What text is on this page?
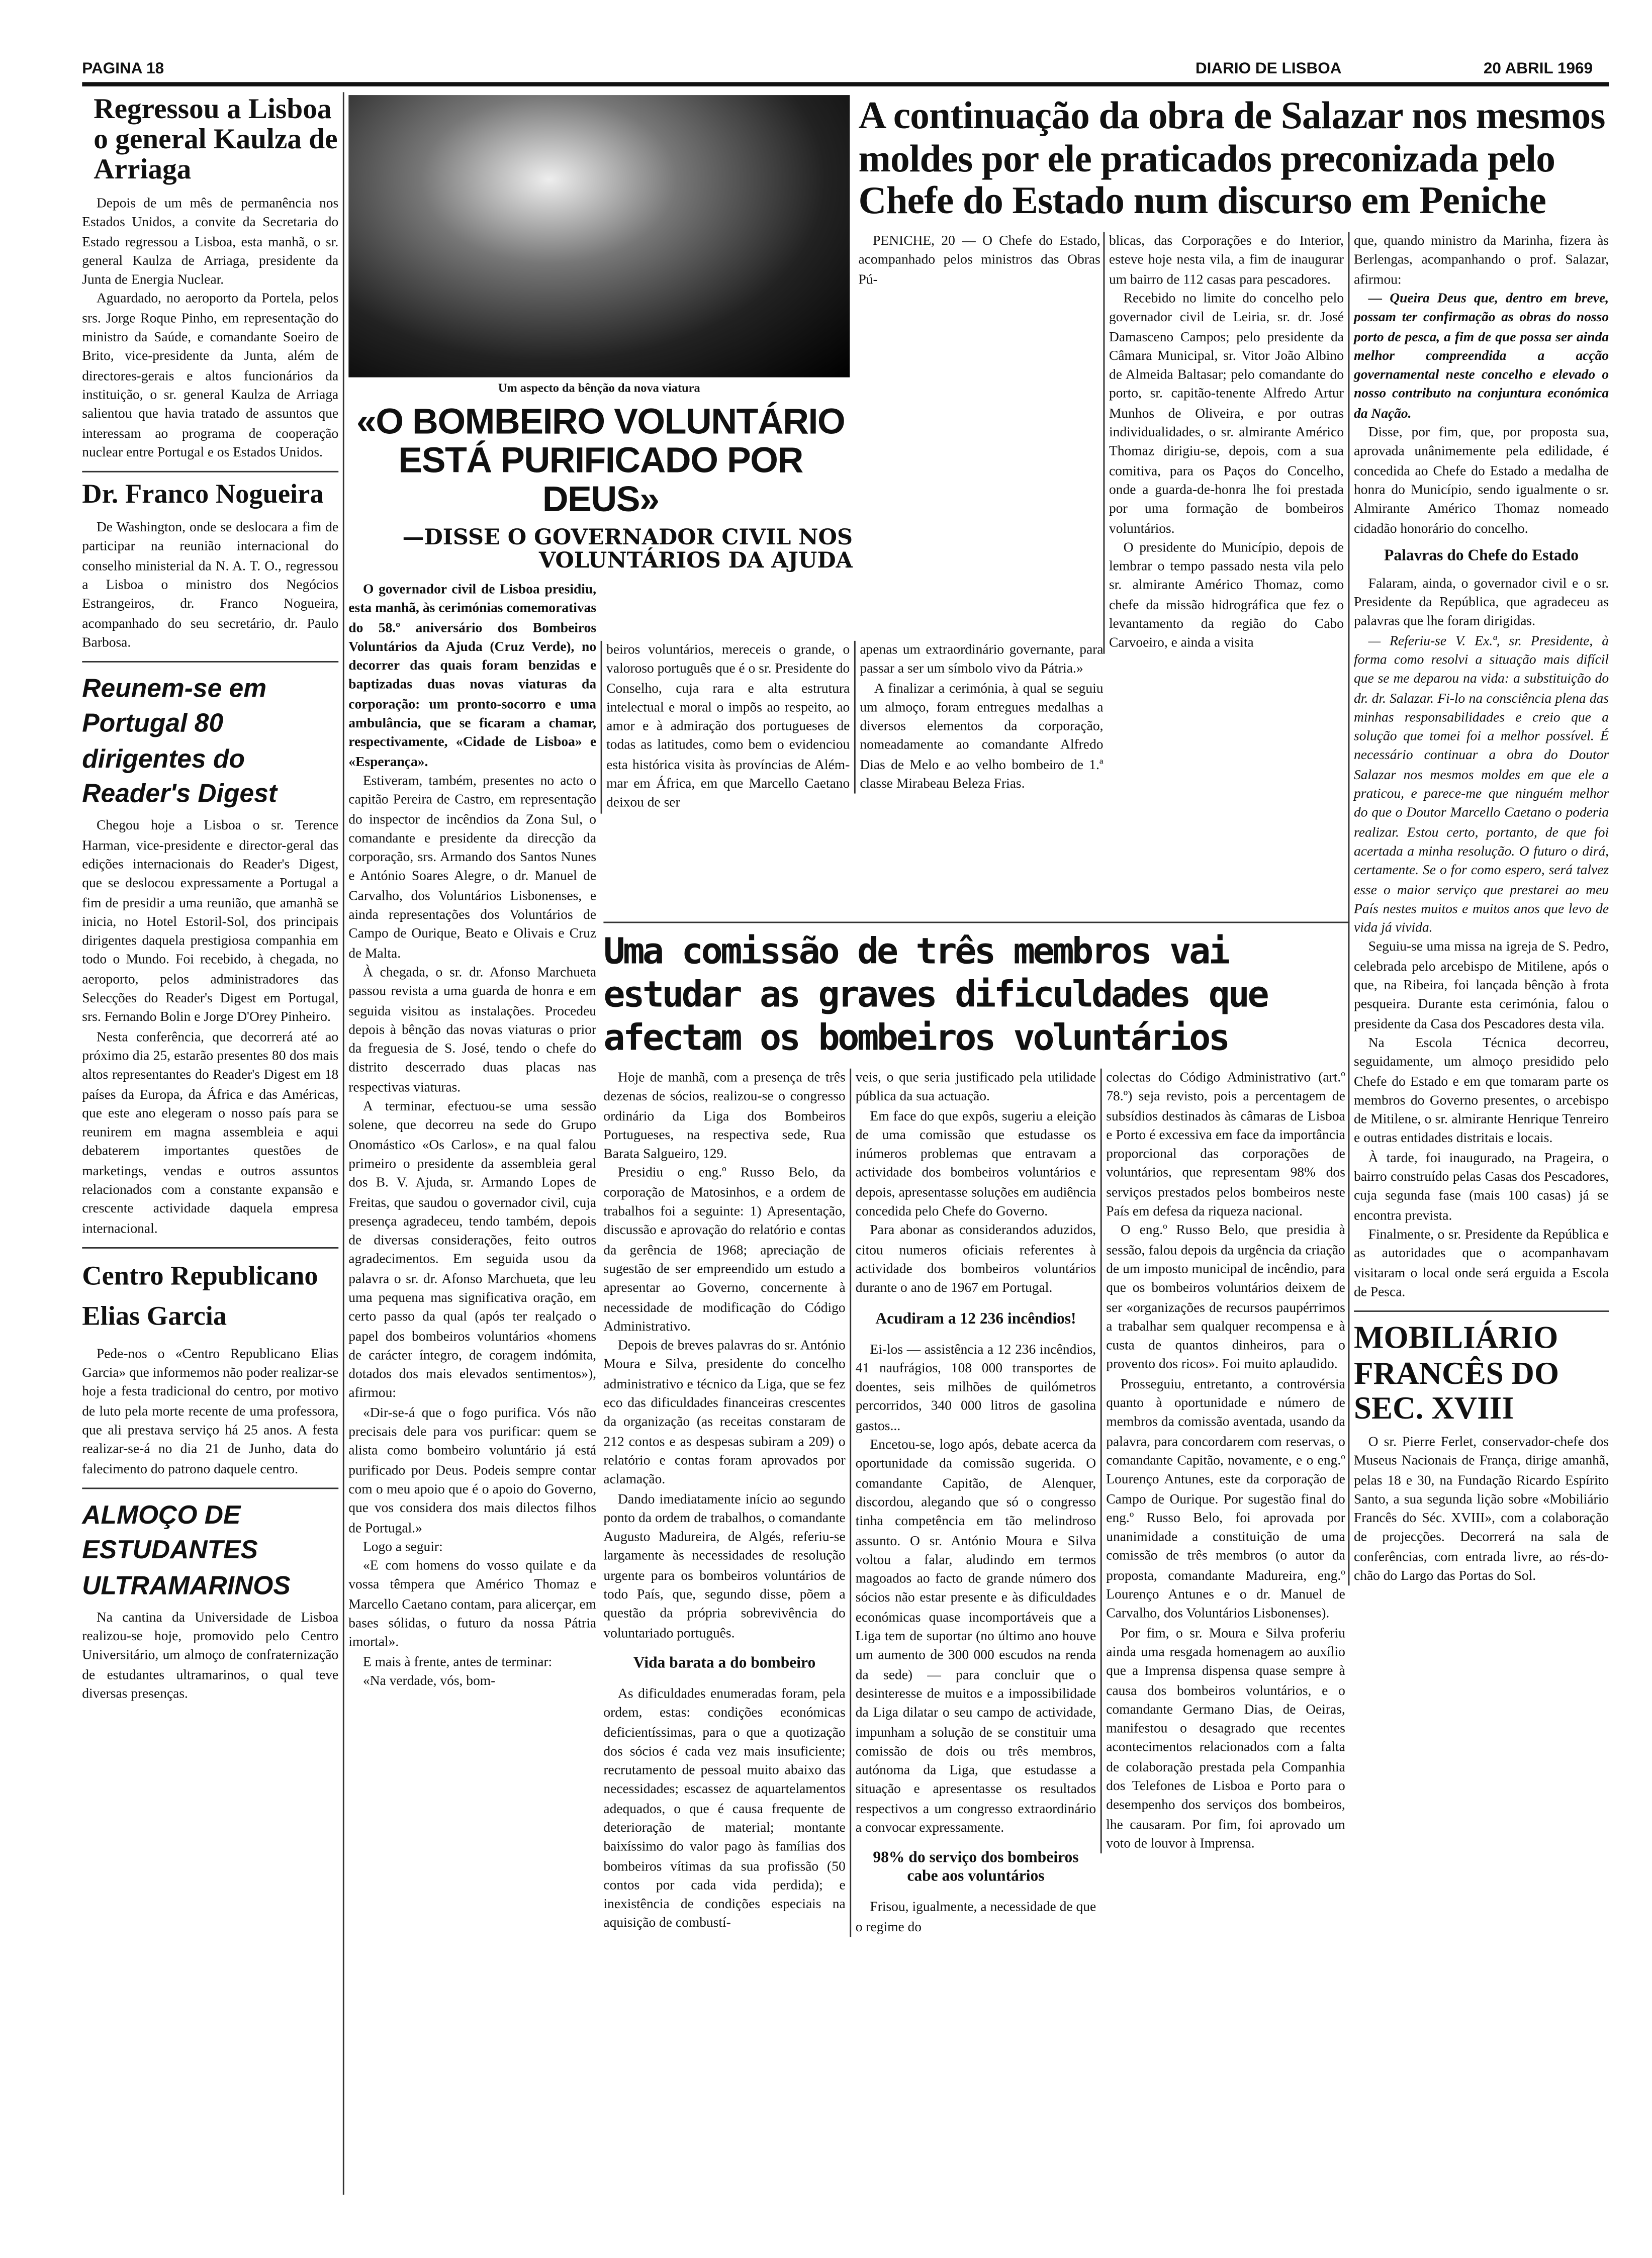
PAGINA 18	DIARIO DE LISBOA	20 ABRIL 1969
Regressou a Lisboa o general Kaulza de Arriaga

Depois de um mês de permanência nos Estados Unidos, a convite da Secretaria do Estado regressou a Lisboa, esta manhã, o sr. general Kaulza de Arriaga, presidente da Junta de Energia Nuclear.

Aguardado, no aeroporto da Portela, pelos srs. Jorge Roque Pinho, em representação do ministro da Saúde, e comandante Soeiro de Brito, vice-presidente da Junta, além de directores-gerais e altos funcionários da instituição, o sr. general Kaulza de Arriaga salientou que havia tratado de assuntos que interessam ao programa de cooperação nuclear entre Portugal e os Estados Unidos.

Dr. Franco Nogueira

De Washington, onde se deslocara a fim de participar na reunião internacional do conselho ministerial da N. A. T. O., regressou a Lisboa o ministro dos Negócios Estrangeiros, dr. Franco Nogueira, acompanhado do seu secretário, dr. Paulo Barbosa.

Reunem-se em Portugal 80 dirigentes do Reader's Digest

Chegou hoje a Lisboa o sr. Terence Harman, vice-presidente e director-geral das edições internacionais do Reader's Digest, que se deslocou expressamente a Portugal a fim de presidir a uma reunião, que amanhã se inicia, no Hotel Estoril-Sol, dos principais dirigentes daquela prestigiosa companhia em todo o Mundo. Foi recebido, à chegada, no aeroporto, pelos administradores das Selecções do Reader's Digest em Portugal, srs. Fernando Bolin e Jorge D'Orey Pinheiro.

Nesta conferência, que decorrerá até ao próximo dia 25, estarão presentes 80 dos mais altos representantes do Reader's Digest em 18 países da Europa, da África e das Américas, que este ano elegeram o nosso país para se reunirem em magna assembleia e aqui debaterem importantes questões de marketings, vendas e outros assuntos relacionados com a constante expansão e crescente actividade daquela empresa internacional.

Centro Republicano Elias Garcia

Pede-nos o «Centro Republicano Elias Garcia» que informemos não poder realizar-se hoje a festa tradicional do centro, por motivo de luto pela morte recente de uma professora, que ali prestava serviço há 25 anos. A festa realizar-se-á no dia 21 de Junho, data do falecimento do patrono daquele centro.

ALMOÇO DE ESTUDANTES ULTRAMARINOS

Na cantina da Universidade de Lisboa realizou-se hoje, promovido pelo Centro Universitário, um almoço de confraternização de estudantes ultramarinos, o qual teve diversas presenças.

Um aspecto da bênção da nova viatura
A continuação da obra de Salazar nos mesmos moldes por ele praticados preconizada pelo Chefe do Estado num discurso em Peniche

PENICHE, 20 — O Chefe do Estado, acompanhado pelos ministros das Obras Pú-

blicas, das Corporações e do Interior, esteve hoje nesta vila, a fim de inaugurar um bairro de 112 casas para pescadores.

Recebido no limite do concelho pelo governador civil de Leiria, sr. dr. José Damasceno Campos; pelo presidente da Câmara Municipal, sr. Vitor João Albino de Almeida Baltasar; pelo comandante do porto, sr. capitão-tenente Alfredo Artur Munhos de Oliveira, e por outras individualidades, o sr. almirante Américo Thomaz dirigiu-se, depois, com a sua comitiva, para os Paços do Concelho, onde a guarda-de-honra lhe foi prestada por uma formação de bombeiros voluntários.

O presidente do Município, depois de lembrar o tempo passado nesta vila pelo sr. almirante Américo Thomaz, como chefe da missão hidrográfica que fez o levantamento da região do Cabo Carvoeiro, e ainda a visita

que, quando ministro da Marinha, fizera às Berlengas, acompanhando o prof. Salazar, afirmou:

— Queira Deus que, dentro em breve, possam ter confirmação as obras do nosso porto de pesca, a fim de que possa ser ainda melhor compreendida a acção governamental neste concelho e elevado o nosso contributo na conjuntura económica da Nação.

Disse, por fim, que, por proposta sua, aprovada unânimemente pela edilidade, é concedida ao Chefe do Estado a medalha de honra do Município, sendo igualmente o sr. Almirante Américo Thomaz nomeado cidadão honorário do concelho.

Palavras do Chefe do Estado

Falaram, ainda, o governador civil e o sr. Presidente da República, que agradeceu as palavras que lhe foram dirigidas.

— Referiu-se V. Ex.ª, sr. Presidente, à forma como resolvi a situação mais difícil que se me deparou na vida: a substituição do dr. dr. Salazar. Fi-lo na consciência plena das minhas responsabilidades e creio que a solução que tomei foi a melhor possível. É necessário continuar a obra do Doutor Salazar nos mesmos moldes em que ele a praticou, e parece-me que ninguém melhor do que o Doutor Marcello Caetano o poderia realizar. Estou certo, portanto, de que foi acertada a minha resolução. O futuro o dirá, certamente. Se o for como espero, será talvez esse o maior serviço que prestarei ao meu País nestes muitos e muitos anos que levo de vida já vivida.

Seguiu-se uma missa na igreja de S. Pedro, celebrada pelo arcebispo de Mitilene, após o que, na Ribeira, foi lançada bênção à frota pesqueira. Durante esta cerimónia, falou o presidente da Casa dos Pescadores desta vila.

Na Escola Técnica decorreu, seguidamente, um almoço presidido pelo Chefe do Estado e em que tomaram parte os membros do Governo presentes, o arcebispo de Mitilene, o sr. almirante Henrique Tenreiro e outras entidades distritais e locais.

À tarde, foi inaugurado, na Prageira, o bairro construído pelas Casas dos Pescadores, cuja segunda fase (mais 100 casas) já se encontra prevista.

Finalmente, o sr. Presidente da República e as autoridades que o acompanhavam visitaram o local onde será erguida a Escola de Pesca.

MOBILIÁRIO FRANCÊS DO SEC. XVIII

O sr. Pierre Ferlet, conservador-chefe dos Museus Nacionais de França, dirige amanhã, pelas 18 e 30, na Fundação Ricardo Espírito Santo, a sua segunda lição sobre «Mobiliário Francês do Séc. XVIII», com a colaboração de projecções. Decorrerá na sala de conferências, com entrada livre, ao rés-do-chão do Largo das Portas do Sol.

«O BOMBEIRO VOLUNTÁRIO ESTÁ PURIFICADO POR DEUS»
—DISSE O GOVERNADOR CIVIL NOS VOLUNTÁRIOS DA AJUDA

O governador civil de Lisboa presidiu, esta manhã, às cerimónias comemorativas do 58.º aniversário dos Bombeiros Voluntários da Ajuda (Cruz Verde), no decorrer das quais foram benzidas e baptizadas duas novas viaturas da corporação: um pronto-socorro e uma ambulância, que se ficaram a chamar, respectivamente, «Cidade de Lisboa» e «Esperança».

Estiveram, também, presentes no acto o capitão Pereira de Castro, em representação do inspector de incêndios da Zona Sul, o comandante e presidente da direcção da corporação, srs. Armando dos Santos Nunes e António Soares Alegre, o dr. Manuel de Carvalho, dos Voluntários Lisbonenses, e ainda representações dos Voluntários de Campo de Ourique, Beato e Olivais e Cruz de Malta.

À chegada, o sr. dr. Afonso Marchueta passou revista a uma guarda de honra e em seguida visitou as instalações. Procedeu depois à bênção das novas viaturas o prior da freguesia de S. José, tendo o chefe do distrito descerrado duas placas nas respectivas viaturas.

A terminar, efectuou-se uma sessão solene, que decorreu na sede do Grupo Onomástico «Os Carlos», e na qual falou primeiro o presidente da assembleia geral dos B. V. Ajuda, sr. Armando Lopes de Freitas, que saudou o governador civil, cuja presença agradeceu, tendo também, depois de diversas considerações, feito outros agradecimentos. Em seguida usou da palavra o sr. dr. Afonso Marchueta, que leu uma pequena mas significativa oração, em certo passo da qual (após ter realçado o papel dos bombeiros voluntários «homens de carácter íntegro, de coragem indómita, dotados dos mais elevados sentimentos»), afirmou:

«Dir-se-á que o fogo purifica. Vós não precisais dele para vos purificar: quem se alista como bombeiro voluntário já está purificado por Deus. Podeis sempre contar com o meu apoio que é o apoio do Governo, que vos considera dos mais dilectos filhos de Portugal.»

Logo a seguir:

«E com homens do vosso quilate e da vossa têmpera que Américo Thomaz e Marcello Caetano contam, para alicerçar, em bases sólidas, o futuro da nossa Pátria imortal».

E mais à frente, antes de terminar:

«Na verdade, vós, bom-

beiros voluntários, mereceis o grande, o valoroso português que é o sr. Presidente do Conselho, cuja rara e alta estrutura intelectual e moral o impõs ao respeito, ao amor e à admiração dos portugueses de todas as latitudes, como bem o evidenciou esta histórica visita às províncias de Além-mar em África, em que Marcello Caetano deixou de ser

apenas um extraordinário governante, para passar a ser um símbolo vivo da Pátria.»

A finalizar a cerimónia, à qual se seguiu um almoço, foram entregues medalhas a diversos elementos da corporação, nomeadamente ao comandante Alfredo Dias de Melo e ao velho bombeiro de 1.ª classe Mirabeau Beleza Frias.

Uma comissão de três membros vai estudar as graves dificuldades que afectam os bombeiros voluntários

Hoje de manhã, com a presença de três dezenas de sócios, realizou-se o congresso ordinário da Liga dos Bombeiros Portugueses, na respectiva sede, Rua Barata Salgueiro, 129.

Presidiu o eng.º Russo Belo, da corporação de Matosinhos, e a ordem de trabalhos foi a seguinte: 1) Apresentação, discussão e aprovação do relatório e contas da gerência de 1968; apreciação de sugestão de ser empreendido um estudo a apresentar ao Governo, concernente à necessidade de modificação do Código Administrativo.

Depois de breves palavras do sr. António Moura e Silva, presidente do concelho administrativo e técnico da Liga, que se fez eco das dificuldades financeiras crescentes da organização (as receitas constaram de 212 contos e as despesas subiram a 209) o relatório e contas foram aprovados por aclamação.

Dando imediatamente início ao segundo ponto da ordem de trabalhos, o comandante Augusto Madureira, de Algés, referiu-se largamente às necessidades de resolução urgente para os bombeiros voluntários de todo País, que, segundo disse, põem a questão da própria sobrevivência do voluntariado português.

Vida barata a do bombeiro

As dificuldades enumeradas foram, pela ordem, estas: condições económicas deficientíssimas, para o que a quotização dos sócios é cada vez mais insuficiente; recrutamento de pessoal muito abaixo das necessidades; escassez de aquartelamentos adequados, o que é causa frequente de deterioração de material; montante baixíssimo do valor pago às famílias dos bombeiros vítimas da sua profissão (50 contos por cada vida perdida); e inexistência de condições especiais na aquisição de combustí-

veis, o que seria justificado pela utilidade pública da sua actuação.

Em face do que expôs, sugeriu a eleição de uma comissão que estudasse os inúmeros problemas que entravam a actividade dos bombeiros voluntários e depois, apresentasse soluções em audiência concedida pelo Chefe do Governo.

Para abonar as considerandos aduzidos, citou numeros oficiais referentes à actividade dos bombeiros voluntários durante o ano de 1967 em Portugal.

Acudiram a 12 236 incêndios!

Ei-los — assistência a 12 236 incêndios, 41 naufrágios, 108 000 transportes de doentes, seis milhões de quilómetros percorridos, 340 000 litros de gasolina gastos...

Encetou-se, logo após, debate acerca da oportunidade da comissão sugerida. O comandante Capitão, de Alenquer, discordou, alegando que só o congresso tinha competência em tão melindroso assunto. O sr. António Moura e Silva voltou a falar, aludindo em termos magoados ao facto de grande número dos sócios não estar presente e às dificuldades económicas quase incomportáveis que a Liga tem de suportar (no último ano houve um aumento de 300 000 escudos na renda da sede) — para concluir que o desinteresse de muitos e a impossibilidade da Liga dilatar o seu campo de actividade, impunham a solução de se constituir uma comissão de dois ou três membros, autónoma da Liga, que estudasse a situação e apresentasse os resultados respectivos a um congresso extraordinário a convocar expressamente.

98% do serviço dos bombeiros cabe aos voluntários

Frisou, igualmente, a necessidade de que o regime do

colectas do Código Administrativo (art.º 78.º) seja revisto, pois a percentagem de subsídios destinados às câmaras de Lisboa e Porto é excessiva em face da importância proporcional das corporações de voluntários, que representam 98% dos serviços prestados pelos bombeiros neste País em defesa da riqueza nacional.

O eng.º Russo Belo, que presidia à sessão, falou depois da urgência da criação de um imposto municipal de incêndio, para que os bombeiros voluntários deixem de ser «organizações de recursos paupérrimos a trabalhar sem qualquer recompensa e à custa de quantos dinheiros, para o provento dos ricos». Foi muito aplaudido.

Prosseguiu, entretanto, a controvérsia quanto à oportunidade e número de membros da comissão aventada, usando da palavra, para concordarem com reservas, o comandante Capitão, novamente, e o eng.º Lourenço Antunes, este da corporação de Campo de Ourique. Por sugestão final do eng.º Russo Belo, foi aprovada por unanimidade a constituição de uma comissão de três membros (o autor da proposta, comandante Madureira, eng.º Lourenço Antunes e o dr. Manuel de Carvalho, dos Voluntários Lisbonenses).

Por fim, o sr. Moura e Silva proferiu ainda uma resgada homenagem ao auxílio que a Imprensa dispensa quase sempre à causa dos bombeiros voluntários, e o comandante Germano Dias, de Oeiras, manifestou o desagrado que recentes acontecimentos relacionados com a falta de colaboração prestada pela Companhia dos Telefones de Lisboa e Porto para o desempenho dos serviços dos bombeiros, lhe causaram. Por fim, foi aprovado um voto de louvor à Imprensa.
